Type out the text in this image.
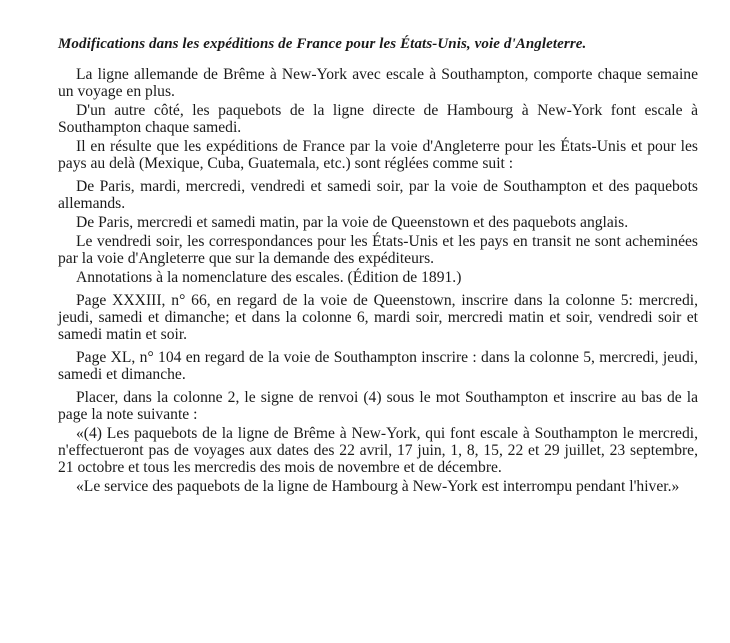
Modifications dans les expéditions de France pour les États-Unis, voie d'Angleterre.

La ligne allemande de Brême à New-York avec escale à Southampton, comporte chaque semaine un voyage en plus.

D'un autre côté, les paquebots de la ligne directe de Hambourg à New-York font escale à Southampton chaque samedi.

Il en résulte que les expéditions de France par la voie d'Angleterre pour les États-Unis et pour les pays au delà (Mexique, Cuba, Guatemala, etc.) sont réglées comme suit :

De Paris, mardi, mercredi, vendredi et samedi soir, par la voie de Southampton et des paquebots allemands.

De Paris, mercredi et samedi matin, par la voie de Queenstown et des paquebots anglais.

Le vendredi soir, les correspondances pour les États-Unis et les pays en transit ne sont acheminées par la voie d'Angleterre que sur la demande des expéditeurs.

Annotations à la nomenclature des escales. (Édition de 1891.)

Page XXXIII, n° 66, en regard de la voie de Queenstown, inscrire dans la colonne 5: mercredi, jeudi, samedi et dimanche; et dans la colonne 6, mardi soir, mercredi matin et soir, vendredi soir et samedi matin et soir.

Page XL, n° 104 en regard de la voie de Southampton inscrire : dans la colonne 5, mercredi, jeudi, samedi et dimanche.

Placer, dans la colonne 2, le signe de renvoi (4) sous le mot Southampton et inscrire au bas de la page la note suivante :

«(4) Les paquebots de la ligne de Brême à New-York, qui font escale à Southampton le mercredi, n'effectueront pas de voyages aux dates des 22 avril, 17 juin, 1, 8, 15, 22 et 29 juillet, 23 septembre, 21 octobre et tous les mercredis des mois de novembre et de décembre.

«Le service des paquebots de la ligne de Hambourg à New-York est interrompu pendant l'hiver.»
